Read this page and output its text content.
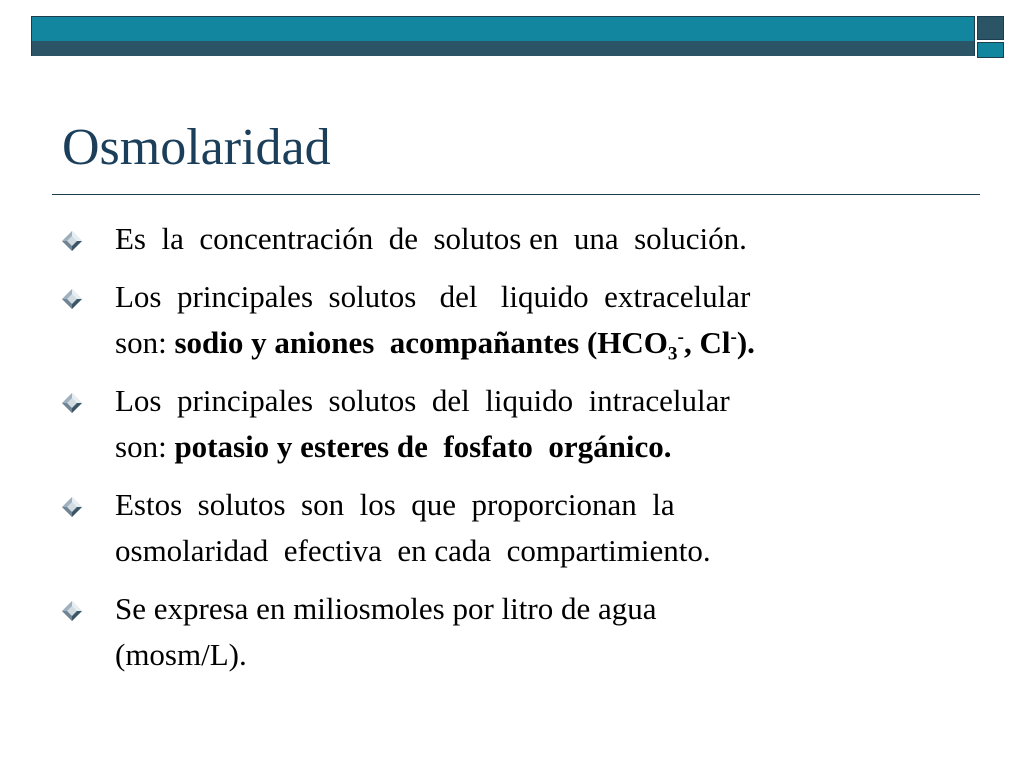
Osmolaridad
Es  la  concentración  de  solutos en  una  solución.
Los  principales  solutos   del   liquido  extracelular
son: sodio y aniones  acompañantes ($HCO_3^-$, Cl-).
Los  principales  solutos  del  liquido  intracelular
son: potasio y esteres de  fosfato  orgánico.
Estos  solutos  son  los  que  proporcionan  la
osmolaridad  efectiva  en cada  compartimiento.
Se expresa en miliosmoles por litro de agua
(mosm/L).
